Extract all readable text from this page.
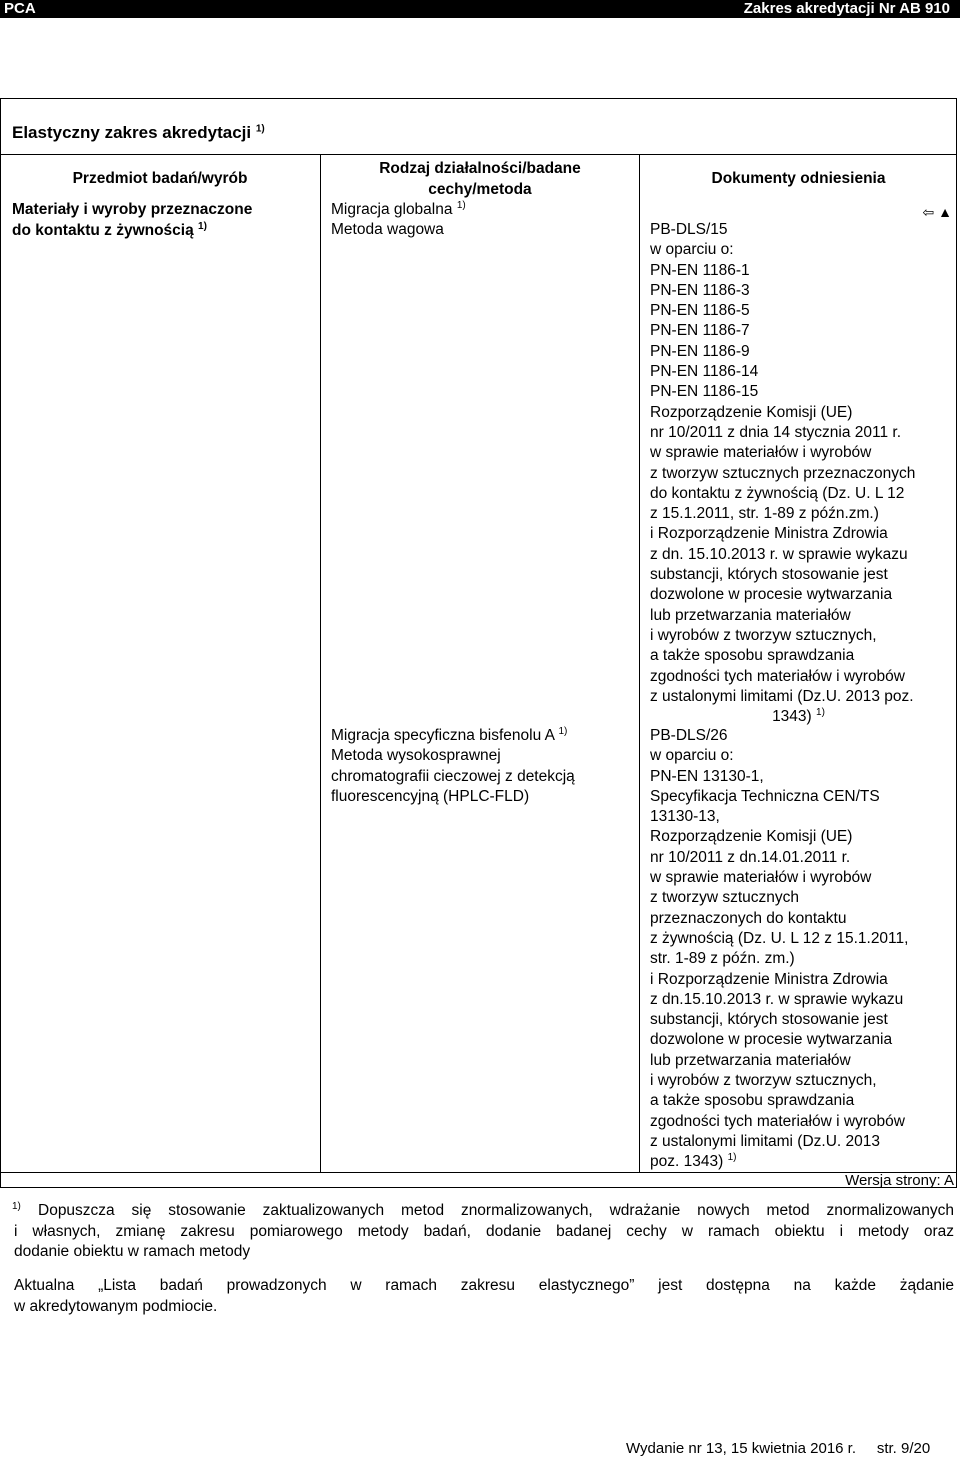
PCA	Zakres akredytacji Nr AB 910
Elastyczny zakres akredytacji $^{1)}$
Przedmiot badań/wyrób
Rodzaj działalności/badane
cechy/metoda
Dokumenty odniesienia
Materiały i wyroby przeznaczone
do kontaktu z żywnością $^{1)}$
Migracja globalna $^{1)}$
Metoda wagowa
Migracja specyficzna bisfenolu A $^{1)}$
Metoda wysokosprawnej
chromatografii cieczowej z detekcją
fluorescencyjną (HPLC-FLD)
⇦ ▲
PB-DLS/15
w oparciu o:
PN-EN 1186-1
PN-EN 1186-3
PN-EN 1186-5
PN-EN 1186-7
PN-EN 1186-9
PN-EN 1186-14
PN-EN 1186-15
Rozporządzenie Komisji (UE)
nr 10/2011 z dnia 14 stycznia 2011 r.
w sprawie materiałów i wyrobów
z tworzyw sztucznych przeznaczonych
do kontaktu z żywnością (Dz. U. L 12
z 15.1.2011, str. 1-89 z późn.zm.)
i Rozporządzenie Ministra Zdrowia
z dn. 15.10.2013 r. w sprawie wykazu
substancji, których stosowanie jest
dozwolone w procesie wytwarzania
lub przetwarzania materiałów
i wyrobów z tworzyw sztucznych,
a także sposobu sprawdzania
zgodności tych materiałów i wyrobów
z ustalonymi limitami (Dz.U. 2013 poz.
1343) $^{1)}$
PB-DLS/26
w oparciu o:
PN-EN 13130-1,
Specyfikacja Techniczna CEN/TS
13130-13,
Rozporządzenie Komisji (UE)
nr 10/2011 z dn.14.01.2011 r.
w sprawie materiałów i wyrobów
z tworzyw sztucznych
przeznaczonych do kontaktu
z żywnością (Dz. U. L 12 z 15.1.2011,
str. 1-89 z późn. zm.)
i Rozporządzenie Ministra Zdrowia
z dn.15.10.2013 r. w sprawie wykazu
substancji, których stosowanie jest
dozwolone w procesie wytwarzania
lub przetwarzania materiałów
i wyrobów z tworzyw sztucznych,
a także sposobu sprawdzania
zgodności tych materiałów i wyrobów
z ustalonymi limitami (Dz.U. 2013
poz. 1343) $^{1)}$
Wersja strony: A
1) Dopuszcza się stosowanie zaktualizowanych metod znormalizowanych, wdrażanie nowych metod znormalizowanych
i własnych, zmianę zakresu pomiarowego metody badań, dodanie badanej cechy w ramach obiektu i metody oraz
dodanie obiektu w ramach metody
Aktualna „Lista badań prowadzonych w ramach zakresu elastycznego” jest dostępna na każde żądanie
w akredytowanym podmiocie.
Wydanie nr 13, 15 kwietnia 2016 r.     str. 9/20
